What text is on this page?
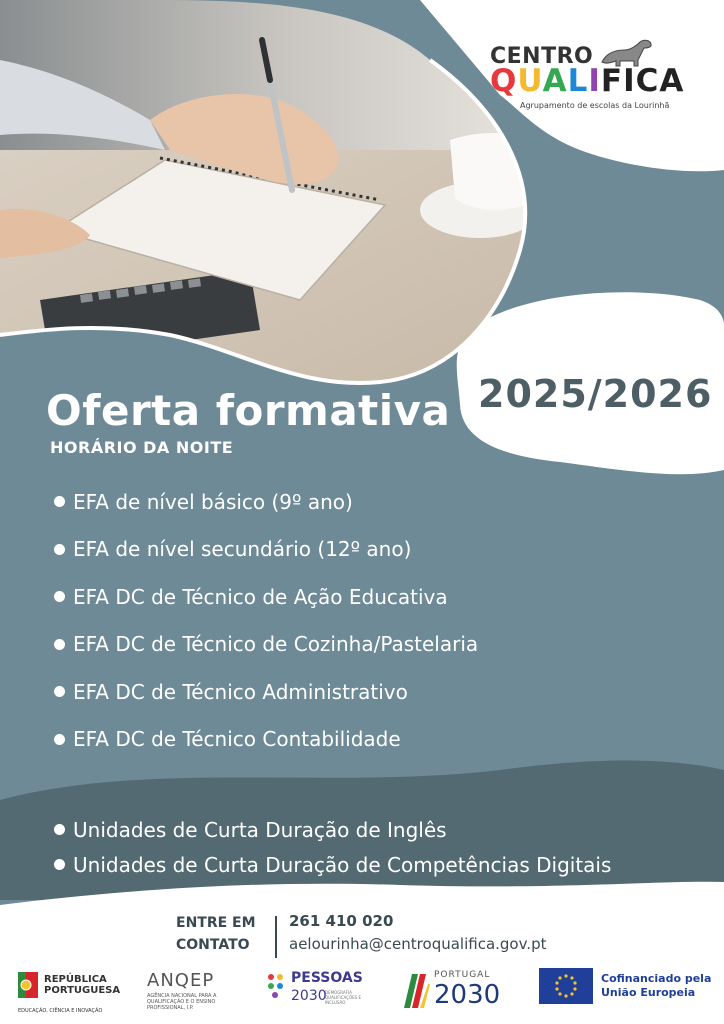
CENTRO
QUALIFICA
Agrupamento de escolas da Lourinhã
2025/2026
Oferta formativa
HORÁRIO DA NOITE
EFA de nível básico (9º ano)
EFA de nível secundário (12º ano)
EFA DC de Técnico de Ação Educativa
EFA DC de Técnico de Cozinha/Pastelaria
EFA DC de Técnico Administrativo
EFA DC de Técnico Contabilidade
Unidades de Curta Duração de Inglês
Unidades de Curta Duração de Competências Digitais
ENTRE EM CONTATO
261 410 020
aelourinha@centroqualifica.gov.pt
REPÚBLICA
PORTUGUESA
EDUCAÇÃO, CIÊNCIA E INOVAÇÃO
ANQEP
AGÊNCIA NACIONAL PARA A QUALIFICAÇÃO E O ENSINO PROFISSIONAL, I.P.
PESSOAS
2030
DEMOGRAFIA QUALIFICAÇÕES E INCLUSÃO
PORTUGAL
2030
Cofinanciado pela
União Europeia
